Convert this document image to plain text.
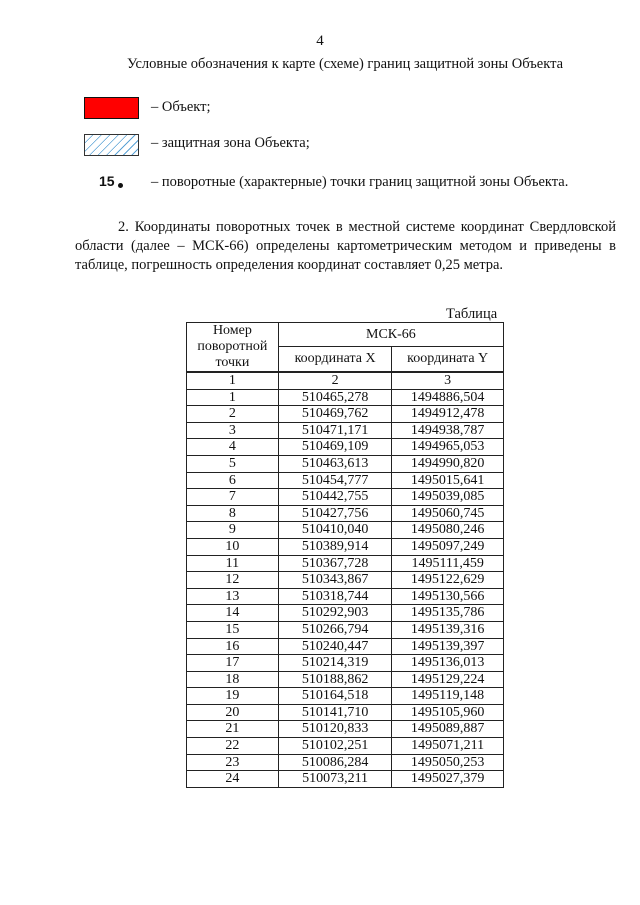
4
Условные обозначения к карте (схеме) границ защитной зоны Объекта
– Объект;
– защитная зона Объекта;
15	– поворотные (характерные) точки границ защитной зоны Объекта.
2. Координаты поворотных точек в местной системе координат Свердловской области (далее – МСК-66) определены картометрическим методом и приведены в таблице, погрешность определения координат составляет 0,25 метра.
Таблица
Номер поворотной точки	МСК-66	
	координата X	координата Y
1	2	3
1	510465,278	1494886,504
2	510469,762	1494912,478
3	510471,171	1494938,787
4	510469,109	1494965,053
5	510463,613	1494990,820
6	510454,777	1495015,641
7	510442,755	1495039,085
8	510427,756	1495060,745
9	510410,040	1495080,246
10	510389,914	1495097,249
11	510367,728	1495111,459
12	510343,867	1495122,629
13	510318,744	1495130,566
14	510292,903	1495135,786
15	510266,794	1495139,316
16	510240,447	1495139,397
17	510214,319	1495136,013
18	510188,862	1495129,224
19	510164,518	1495119,148
20	510141,710	1495105,960
21	510120,833	1495089,887
22	510102,251	1495071,211
23	510086,284	1495050,253
24	510073,211	1495027,379
